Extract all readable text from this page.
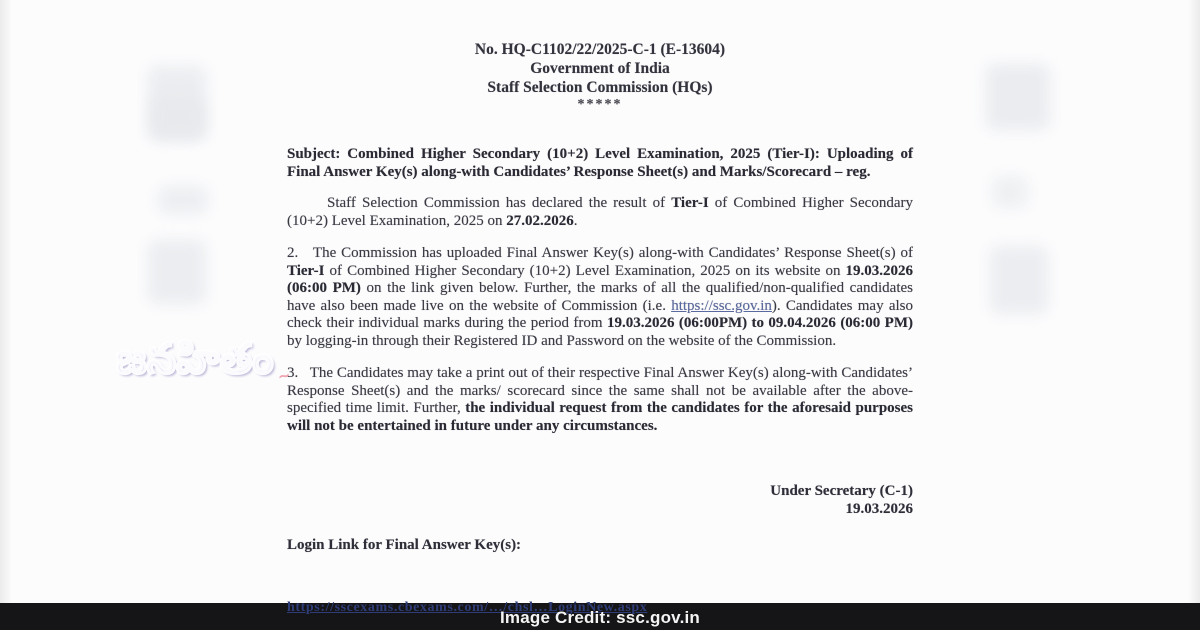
No. HQ-C1102/22/2025-C-1 (E-13604)
Government of India
Staff Selection Commission (HQs)
*****

Subject: Combined Higher Secondary (10+2) Level Examination, 2025 (Tier-I): Uploading of Final Answer Key(s) along-with Candidates’ Response Sheet(s) and Marks/Scorecard – reg.

Staff Selection Commission has declared the result of Tier-I of Combined Higher Secondary (10+2) Level Examination, 2025 on 27.02.2026.

2.   The Commission has uploaded Final Answer Key(s) along-with Candidates’ Response Sheet(s) of Tier-I of Combined Higher Secondary (10+2) Level Examination, 2025 on its website on 19.03.2026 (06:00 PM) on the link given below. Further, the marks of all the qualified/non-qualified candidates have also been made live on the website of Commission (i.e. https://ssc.gov.in). Candidates may also check their individual marks during the period from 19.03.2026 (06:00PM) to 09.04.2026 (06:00 PM) by logging-in through their Registered ID and Password on the website of the Commission.

3.   The Candidates may take a print out of their respective Final Answer Key(s) along-with Candidates’ Response Sheet(s) and the marks/ scorecard since the same shall not be available after the above-specified time limit. Further, the individual request from the candidates for the aforesaid purposes will not be entertained in future under any circumstances.

Under Secretary (C-1)
19.03.2026
Login Link for Final Answer Key(s):
https://sscexams.cbexams.com/…/chsl…LoginNew.aspx
Image Credit: ssc.gov.in
జనహితం ~
